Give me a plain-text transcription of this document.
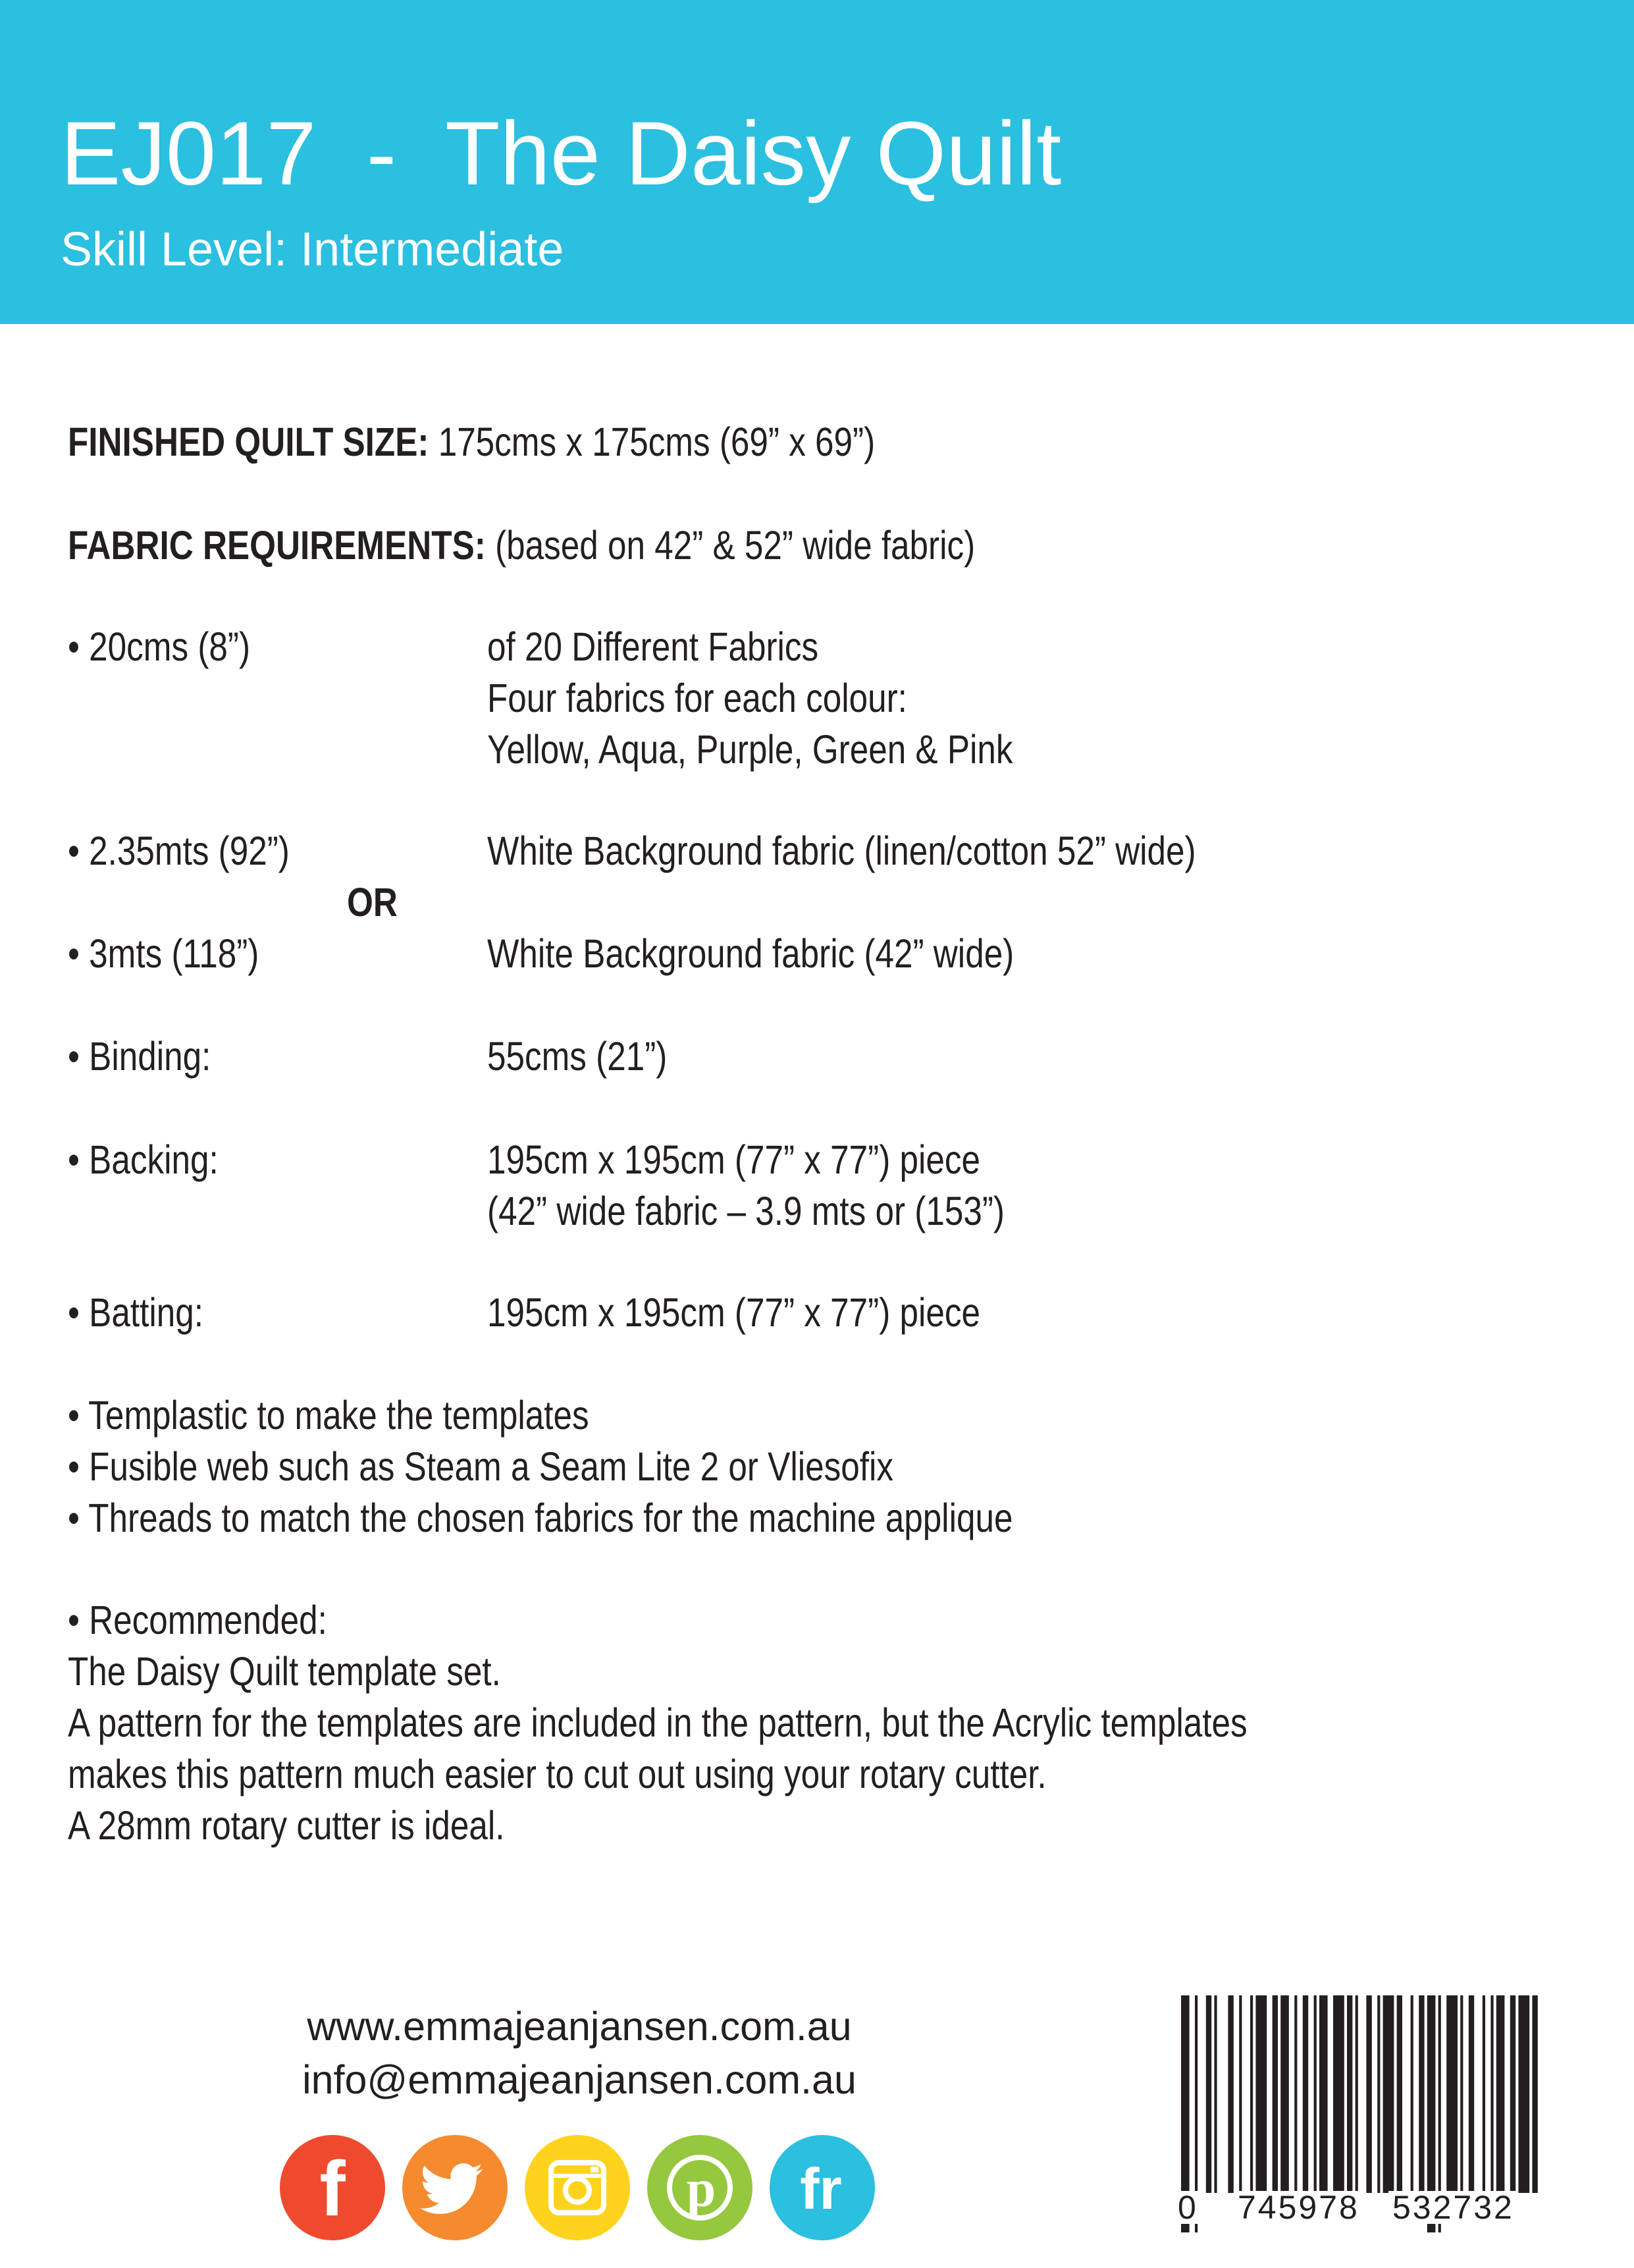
EJ017  -  The Daisy Quilt
Skill Level: Intermediate
FINISHED QUILT SIZE: 175cms x 175cms (69” x 69”)
FABRIC REQUIREMENTS: (based on 42” & 52” wide fabric)
• 20cms (8”)	of 20 Different Fabrics
Four fabrics for each colour:
Yellow, Aqua, Purple, Green & Pink
• 2.35mts (92”)	White Background fabric (linen/cotton 52” wide)
OR
• 3mts (118”)	White Background fabric (42” wide)
• Binding:	55cms (21”)
• Backing:	195cm x 195cm (77” x 77”) piece
(42” wide fabric – 3.9 mts or (153”)
• Batting:	195cm x 195cm (77” x 77”) piece
• Templastic to make the templates
• Fusible web such as Steam a Seam Lite 2 or Vliesofix
• Threads to match the chosen fabrics for the machine applique
• Recommended:
The Daisy Quilt template set.
A pattern for the templates are included in the pattern, but the Acrylic templates
makes this pattern much easier to cut out using your rotary cutter.
A 28mm rotary cutter is ideal.
www.emmajeanjansen.com.au
info@emmajeanjansen.com.au
f	p fr	0 745978 532732
